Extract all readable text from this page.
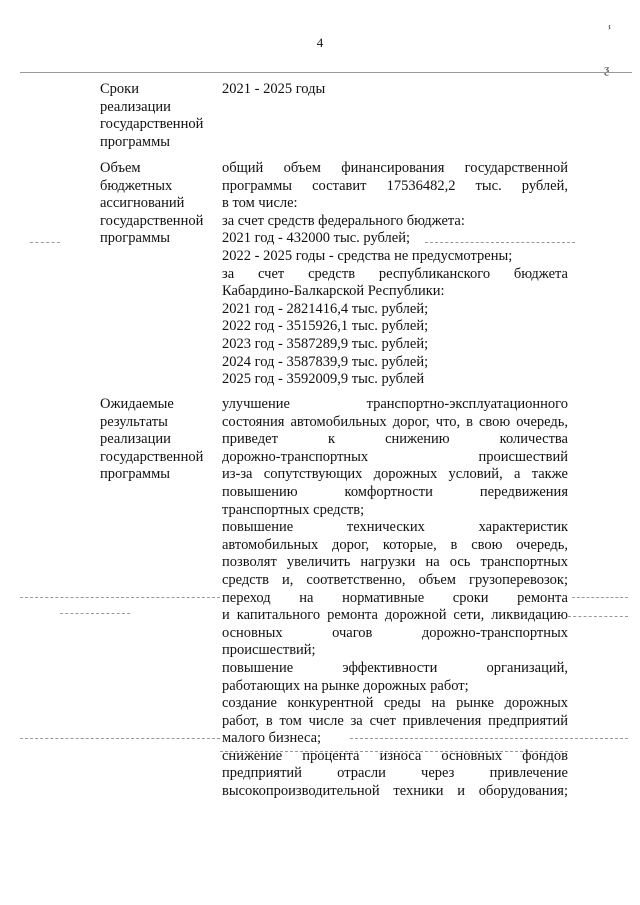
4
ⸯ
ƺ
Сроки
реализации
государственной
программы
2021 - 2025 годы
Объем
бюджетных
ассигнований
государственной
программы
общий объем финансирования государственной
программы составит 17536482,2 тыс. рублей,
в том числе:
за счет средств федерального бюджета:
2021 год - 432000 тыс. рублей;
2022 - 2025 годы - средства не предусмотрены;
за счет средств республиканского бюджета
Кабардино-Балкарской Республики:
2021 год - 2821416,4 тыс. рублей;
2022 год - 3515926,1 тыс. рублей;
2023 год - 3587289,9 тыс. рублей;
2024 год - 3587839,9 тыс. рублей;
2025 год - 3592009,9 тыс. рублей
Ожидаемые
результаты
реализации
государственной
программы
улучшение транспортно-эксплуатационного
состояния автомобильных дорог, что, в свою очередь,
приведет к снижению количества
дорожно-транспортных происшествий
из-за сопутствующих дорожных условий, а также
повышению комфортности передвижения
транспортных средств;
повышение технических характеристик
автомобильных дорог, которые, в свою очередь,
позволят увеличить нагрузки на ось транспортных
средств и, соответственно, объем грузоперевозок;
переход на нормативные сроки ремонта
и капитального ремонта дорожной сети, ликвидацию
основных очагов дорожно-транспортных
происшествий;
повышение эффективности организаций,
работающих на рынке дорожных работ;
создание конкурентной среды на рынке дорожных
работ, в том числе за счет привлечения предприятий
малого бизнеса;
снижение процента износа основных фондов
предприятий отрасли через привлечение
высокопроизводительной техники и оборудования;
